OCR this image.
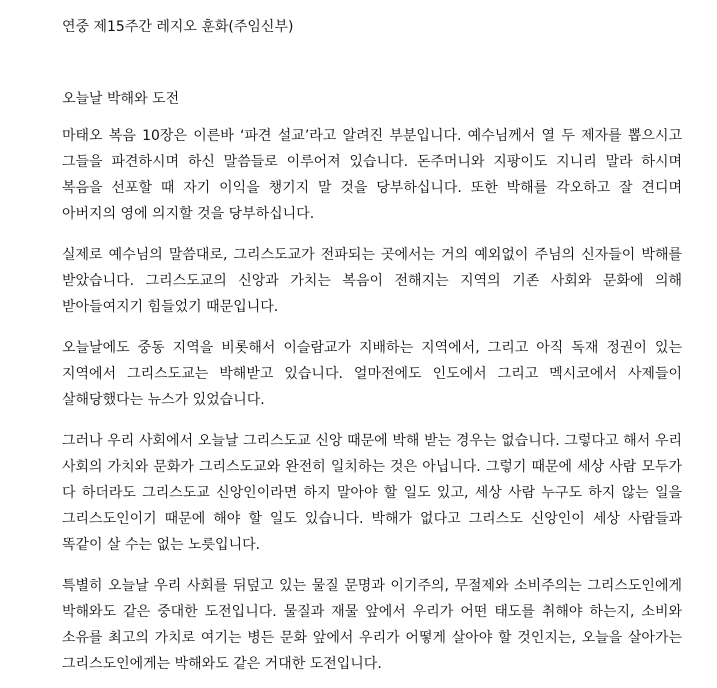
연중 제15주간 레지오 훈화(주임신부)
오늘날 박해와 도전

마태오 복음 10장은 이른바 ‘파견 설교’라고 알려진 부분입니다. 예수님께서 열 두 제자를 뽑으시고 그들을 파견하시며 하신 말씀들로 이루어져 있습니다. 돈주머니와 지팡이도 지니리 말라 하시며 복음을 선포할 때 자기 이익을 챙기지 말 것을 당부하십니다. 또한 박해를 각오하고 잘 견디며 아버지의 영에 의지할 것을 당부하십니다.

실제로 예수님의 말씀대로, 그리스도교가 전파되는 곳에서는 거의 예외없이 주님의 신자들이 박해를 받았습니다. 그리스도교의 신앙과 가치는 복음이 전해지는 지역의 기존 사회와 문화에 의해 받아들여지기 힘들었기 때문입니다.

오늘날에도 중동 지역을 비롯해서 이슬람교가 지배하는 지역에서, 그리고 아직 독재 정권이 있는 지역에서 그리스도교는 박해받고 있습니다. 얼마전에도 인도에서 그리고 멕시코에서 사제들이 살해당했다는 뉴스가 있었습니다.

그러나 우리 사회에서 오늘날 그리스도교 신앙 때문에 박해 받는 경우는 없습니다. 그렇다고 해서 우리 사회의 가치와 문화가 그리스도교와 완전히 일치하는 것은 아닙니다. 그렇기 때문에 세상 사람 모두가 다 하더라도 그리스도교 신앙인이라면 하지 말아야 할 일도 있고, 세상 사람 누구도 하지 않는 일을 그리스도인이기 때문에 해야 할 일도 있습니다. 박해가 없다고 그리스도 신앙인이 세상 사람들과 똑같이 살 수는 없는 노릇입니다.

특별히 오늘날 우리 사회를 뒤덮고 있는 물질 문명과 이기주의, 무절제와 소비주의는 그리스도인에게 박해와도 같은 중대한 도전입니다. 물질과 재물 앞에서 우리가 어떤 태도를 취해야 하는지, 소비와 소유를 최고의 가치로 여기는 병든 문화 앞에서 우리가 어떻게 살아야 할 것인지는, 오늘을 살아가는 그리스도인에게는 박해와도 같은 거대한 도전입니다.
